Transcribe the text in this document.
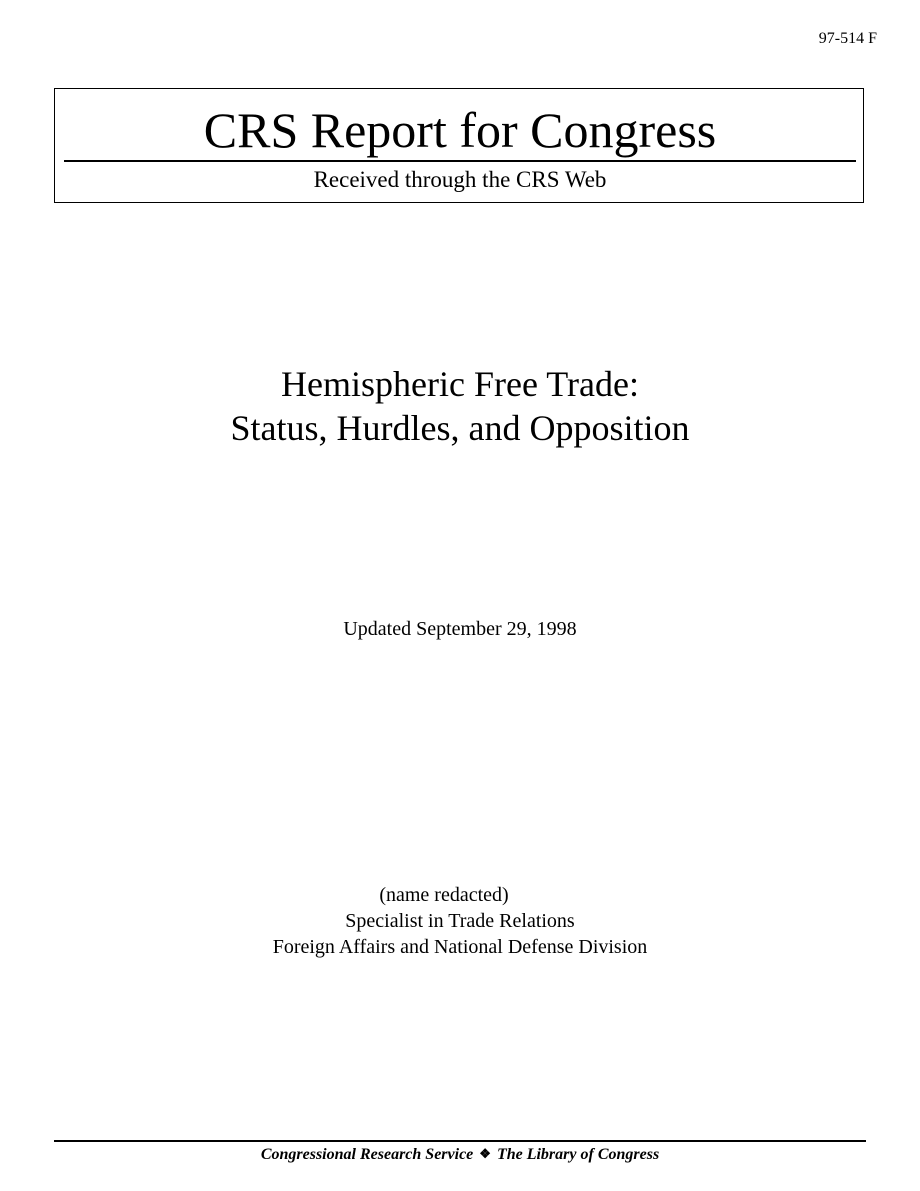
97-514 F
CRS Report for Congress
Received through the CRS Web
Hemispheric Free Trade:
Status, Hurdles, and Opposition
Updated September 29, 1998
(name redacted)
Specialist in Trade Relations
Foreign Affairs and National Defense Division
Congressional Research Service ❖ The Library of Congress
